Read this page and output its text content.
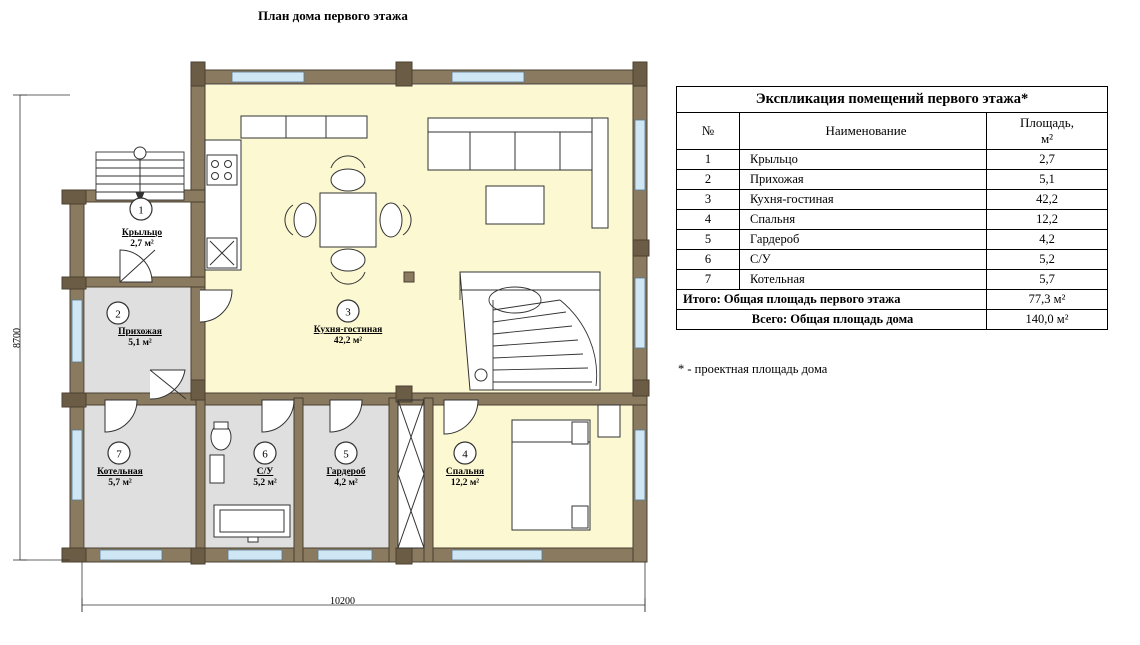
План дома первого этажа
1
2	3
4
5
6
7
Крыльцо
2,7 м²
Прихожая
5,1 м²
Кухня-гостиная
42,2 м²
Спальня
12,2 м²
Гардероб
4,2 м²
С/У
5,2 м²
Котельная
5,7 м²
10200
8700
Экспликация помещений первого этажа*		
№	Наименование	Площадь,
м²
1	Крыльцо	2,7
2	Прихожая	5,1
3	Кухня-гостиная	42,2
4	Спальня	12,2
5	Гардероб	4,2
6	С/У	5,2
7	Котельная	5,7
Итого: Общая площадь первого этажа		77,3 м²
Всего: Общая площадь дома		140,0 м²
* - проектная площадь дома
